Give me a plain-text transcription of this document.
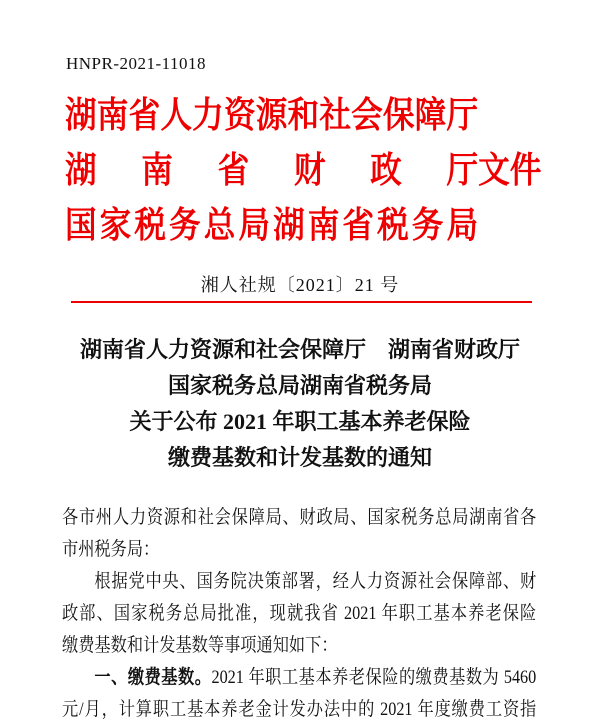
HNPR-2021-11018
湖南省人力资源和社会保障厅
湖南省财政厅 文件
国家税务总局湖南省税务局
湘人社规〔2021〕21 号
湖南省人力资源和社会保障厅　湖南省财政厅
国家税务总局湖南省税务局
关于公布 2021 年职工基本养老保险
缴费基数和计发基数的通知
各市州人力资源和社会保障局、财政局、国家税务总局湖南省各
市州税务局：
根据党中央、国务院决策部署，经人力资源社会保障部、财
政部、国家税务总局批准，现就我省 2021 年职工基本养老保险
缴费基数和计发基数等事项通知如下：
一、缴费基数。2021 年职工基本养老保险的缴费基数为 5460
元/月，计算职工基本养老金计发办法中的 2021 年度缴费工资指
